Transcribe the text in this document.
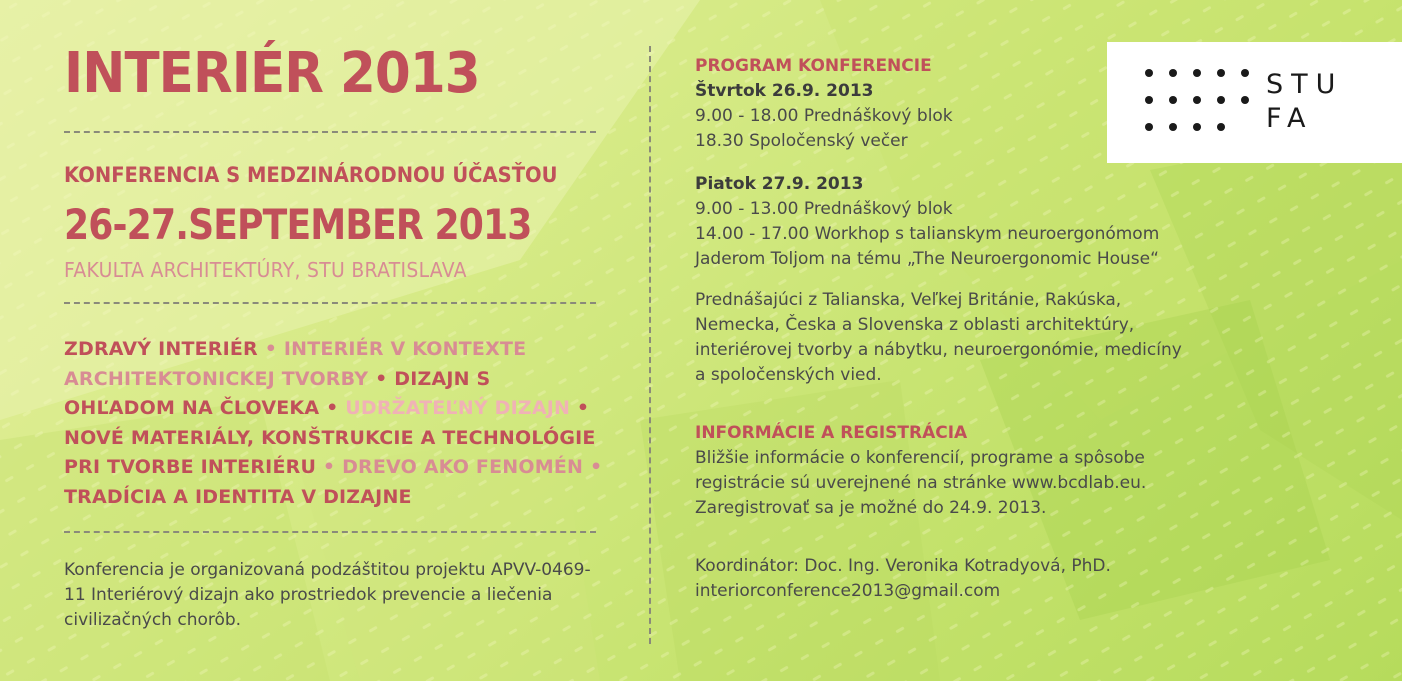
INTERIÉR 2013

KONFERENCIA S MEDZINÁRODNOU ÚČASŤOU

26-27.SEPTEMBER 2013

FAKULTA ARCHITEKTÚRY, STU BRATISLAVA

ZDRAVÝ INTERIÉR • INTERIÉR V KONTEXTE ARCHITEKTONICKEJ TVORBY • DIZAJN S OHĽADOM NA ČLOVEKA • UDRŽATEĽNÝ DIZAJN • NOVÉ MATERIÁLY, KONŠTRUKCIE A TECHNOLÓGIE PRI TVORBE INTERIÉRU • DREVO AKO FENOMÉN • TRADÍCIA A IDENTITA V DIZAJNE

Konferencia je organizovaná podzáštitou projektu APVV-0469-11 Interiérový dizajn ako prostriedok prevencie a liečenia civilizačných chorôb.

PROGRAM KONFERENCIE

Štvrtok 26.9. 2013

9.00 - 18.00 Prednáškový blok

18.30 Spoločenský večer

Piatok 27.9. 2013

9.00 - 13.00 Prednáškový blok

14.00 - 17.00 Workhop s talianskym neuroergonómom

Jaderom Toljom na tému „The Neuroergonomic House“

Prednášajúci z Talianska, Veľkej Británie, Rakúska,

Nemecka, Česka a Slovenska z oblasti architektúry,

interiérovej tvorby a nábytku, neuroergonómie, medicíny

a spoločenských vied.

INFORMÁCIE A REGISTRÁCIA

Bližšie informácie o konferencií, programe a spôsobe

registrácie sú uverejnené na stránke www.bcdlab.eu.

Zaregistrovať sa je možné do 24.9. 2013.

Koordinátor: Doc. Ing. Veronika Kotradyová, PhD.

interiorconference2013@gmail.com

STU
FA
